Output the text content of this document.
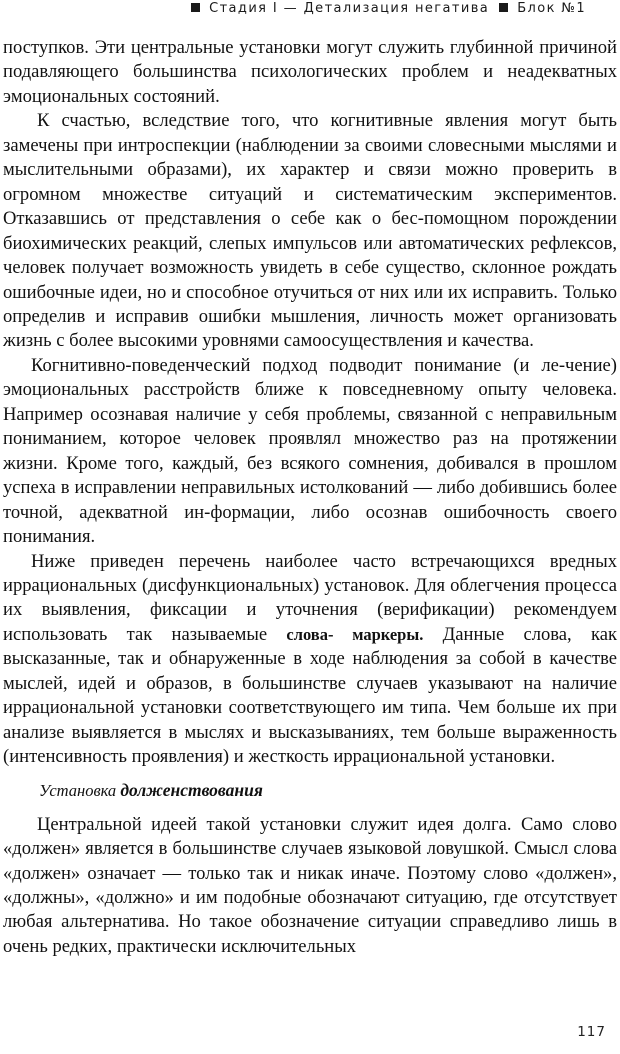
Стадия I — Детализация негатива Блок №1

поступков. Эти центральные установки могут служить глубинной причиной подавляющего большинства психологических проблем и неадекватных эмоциональных состояний.

К счастью, вследствие того, что когнитивные явления могут быть замечены при интроспекции (наблюдении за своими словесными мыслями и мыслительными образами), их характер и связи можно проверить в огромном множестве ситуаций и систематическим экспериментов. Отказавшись от представления о себе как о бес-помощном порождении биохимических реакций, слепых импульсов или автоматических рефлексов, человек получает возможность увидеть в себе существо, склонное рождать ошибочные идеи, но и способное отучиться от них или их исправить. Только определив и исправив ошибки мышления, личность может организовать жизнь с более высокими уровнями самоосуществления и качества.

Когнитивно-поведенческий подход подводит понимание (и ле-чение) эмоциональных расстройств ближе к повседневному опыту человека. Например осознавая наличие у себя проблемы, связанной с неправильным пониманием, которое человек проявлял множество раз на протяжении жизни. Кроме того, каждый, без всякого сомнения, добивался в прошлом успеха в исправлении неправильных истолкований — либо добившись более точной, адекватной ин-формации, либо осознав ошибочность своего понимания.

Ниже приведен перечень наиболее часто встречающихся вредных иррациональных (дисфункциональных) установок. Для облегчения процесса их выявления, фиксации и уточнения (верификации) рекомендуем использовать так называемые слова- маркеры. Данные слова, как высказанные, так и обнаруженные в ходе наблюдения за собой в качестве мыслей, идей и образов, в большинстве случаев указывают на наличие иррациональной установки соответствующего им типа. Чем больше их при анализе выявляется в мыслях и высказываниях, тем больше выраженность (интенсивность проявления) и жесткость иррациональной установки.

Установка долженствования

Центральной идеей такой установки служит идея долга. Само слово «должен» является в большинстве случаев языковой ловушкой. Смысл слова «должен» означает — только так и никак иначе. Поэтому слово «должен», «должны», «должно» и им подобные обозначают ситуацию, где отсутствует любая альтернатива. Но такое обозначение ситуации справедливо лишь в очень редких, практически исключительных

117
